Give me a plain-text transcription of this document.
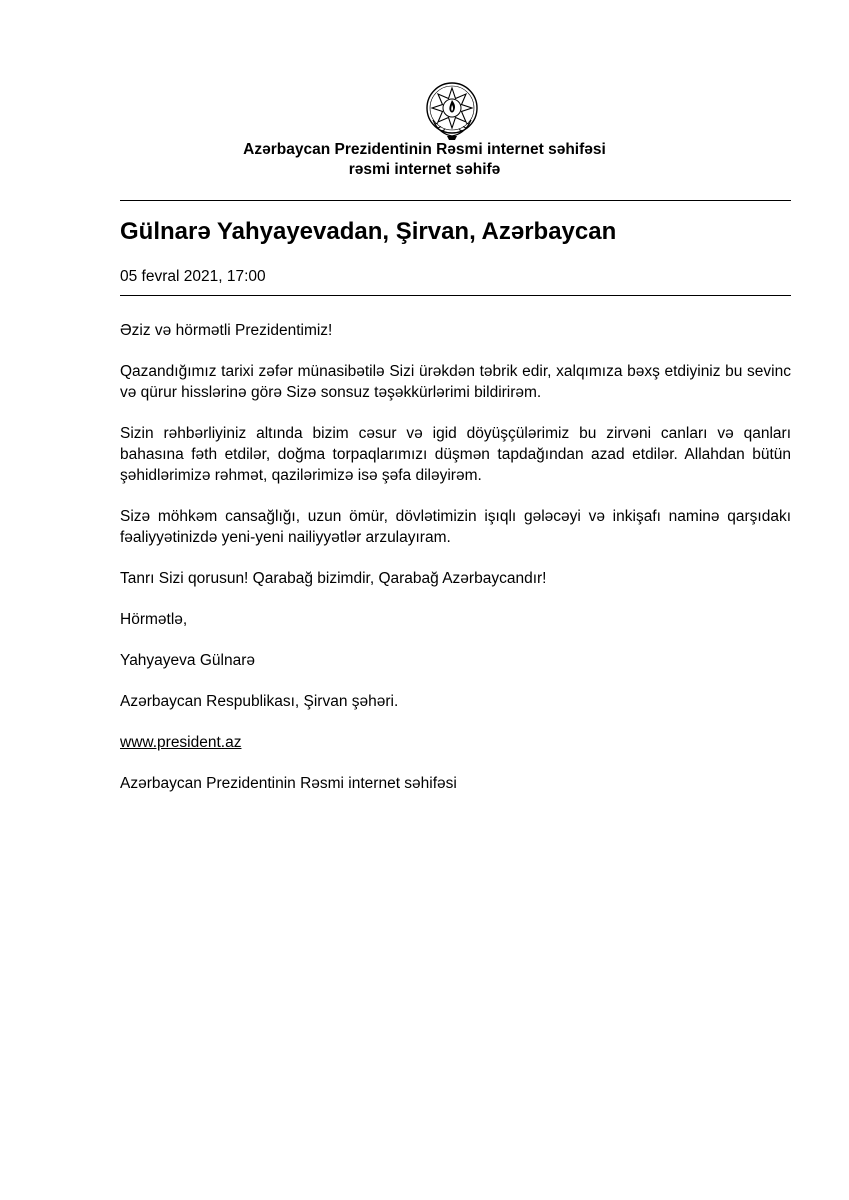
Azərbaycan Prezidentinin Rəsmi internet səhifəsi
rəsmi internet səhifə
Gülnarə Yahyayevadan, Şirvan, Azərbaycan
05 fevral 2021, 17:00

Əziz və hörmətli Prezidentimiz!

Qazandığımız tarixi zəfər münasibətilə Sizi ürəkdən təbrik edir, xalqımıza bəxş etdiyiniz bu sevinc və qürur hisslərinə görə Sizə sonsuz təşəkkürlərimi bildirirəm.

Sizin rəhbərliyiniz altında bizim cəsur və igid döyüşçülərimiz bu zirvəni canları və qanları bahasına fəth etdilər, doğma torpaqlarımızı düşmən tapdağından azad etdilər. Allahdan bütün şəhidlərimizə rəhmət, qazilərimizə isə şəfa diləyirəm.

Sizə möhkəm cansağlığı, uzun ömür, dövlətimizin işıqlı gələcəyi və inkişafı naminə qarşıdakı fəaliyyətinizdə yeni-yeni nailiyyətlər arzulayıram.

Tanrı Sizi qorusun! Qarabağ bizimdir, Qarabağ Azərbaycandır!

Hörmətlə,

Yahyayeva Gülnarə

Azərbaycan Respublikası, Şirvan şəhəri.

www.president.az

Azərbaycan Prezidentinin Rəsmi internet səhifəsi
